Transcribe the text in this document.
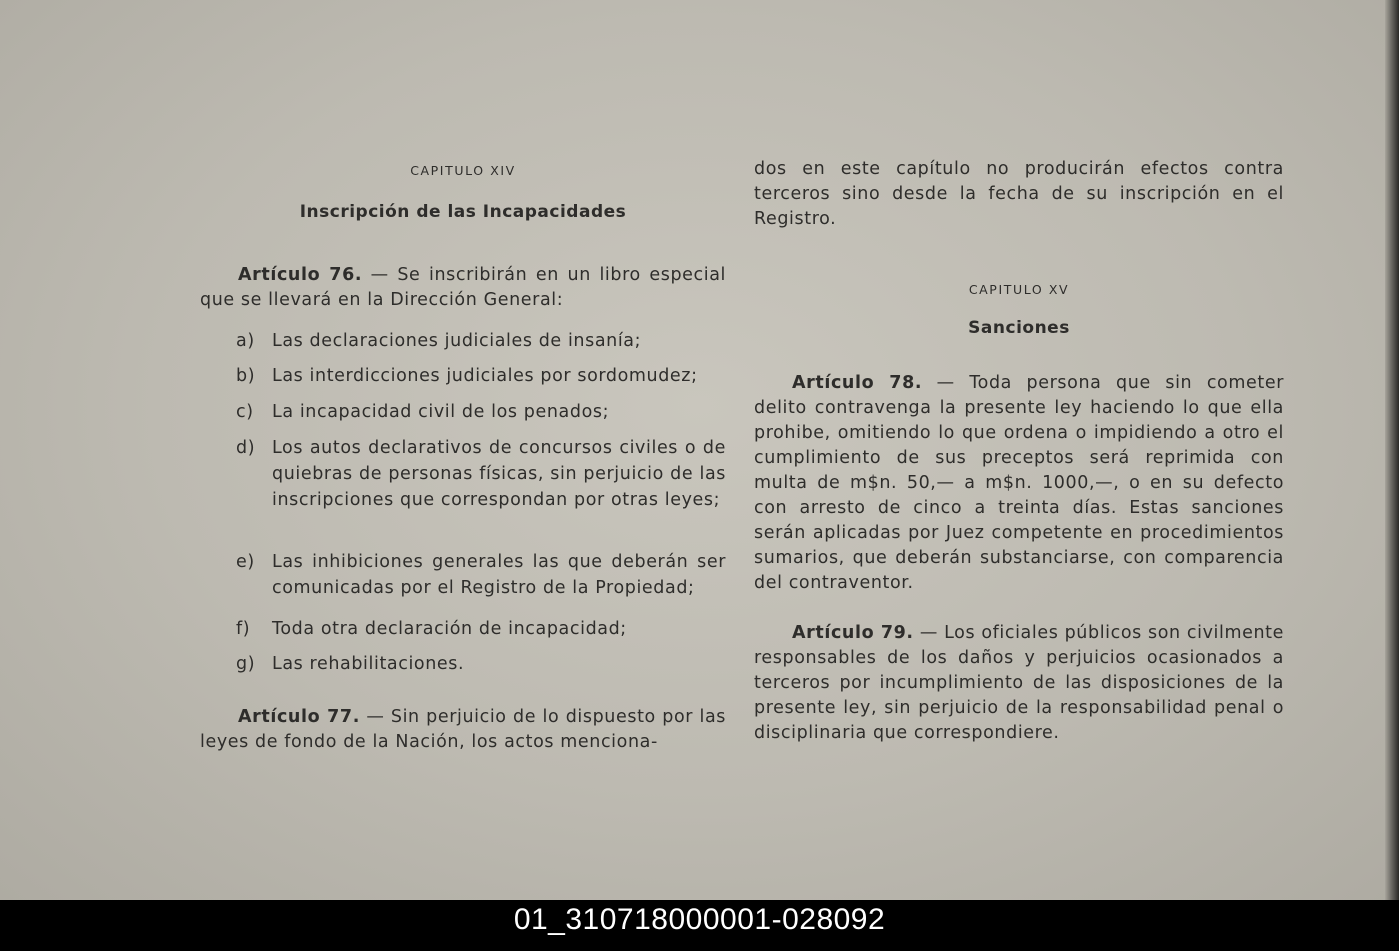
CAPITULO XIV
Inscripción de las Incapacidades

Artículo 76. — Se inscribirán en un libro especial que se llevará en la Dirección General:

a) Las declaraciones judiciales de insanía;
b) Las interdicciones judiciales por sordomudez;
c)	La incapacidad civil de los penados;
d) Los autos declarativos de concursos civiles o de quiebras de personas físicas, sin perjuicio de las inscripciones que correspondan por otras leyes;
e) Las inhibiciones generales las que deberán ser comunicadas por el Registro de la Propiedad;
f)	Toda otra declaración de incapacidad;
g) Las rehabilitaciones.

Artículo 77. — Sin perjuicio de lo dispuesto por las leyes de fondo de la Nación, los actos menciona-

dos en este capítulo no producirán efectos contra terceros sino desde la fecha de su inscripción en el Registro.

CAPITULO XV
Sanciones

Artículo 78. — Toda persona que sin cometer delito contravenga la presente ley haciendo lo que ella prohibe, omitiendo lo que ordena o impidiendo a otro el cumplimiento de sus preceptos será reprimida con multa de m$n. 50,— a m$n. 1000,—, o en su defecto con arresto de cinco a treinta días. Estas sanciones serán aplicadas por Juez competente en procedimientos sumarios, que deberán substanciarse, con comparencia del contraventor.

Artículo 79. — Los oficiales públicos son civilmente responsables de los daños y perjuicios ocasionados a terceros por incumplimiento de las disposiciones de la presente ley, sin perjuicio de la responsabilidad penal o disciplinaria que correspondiere.

01_310718000001-028092
